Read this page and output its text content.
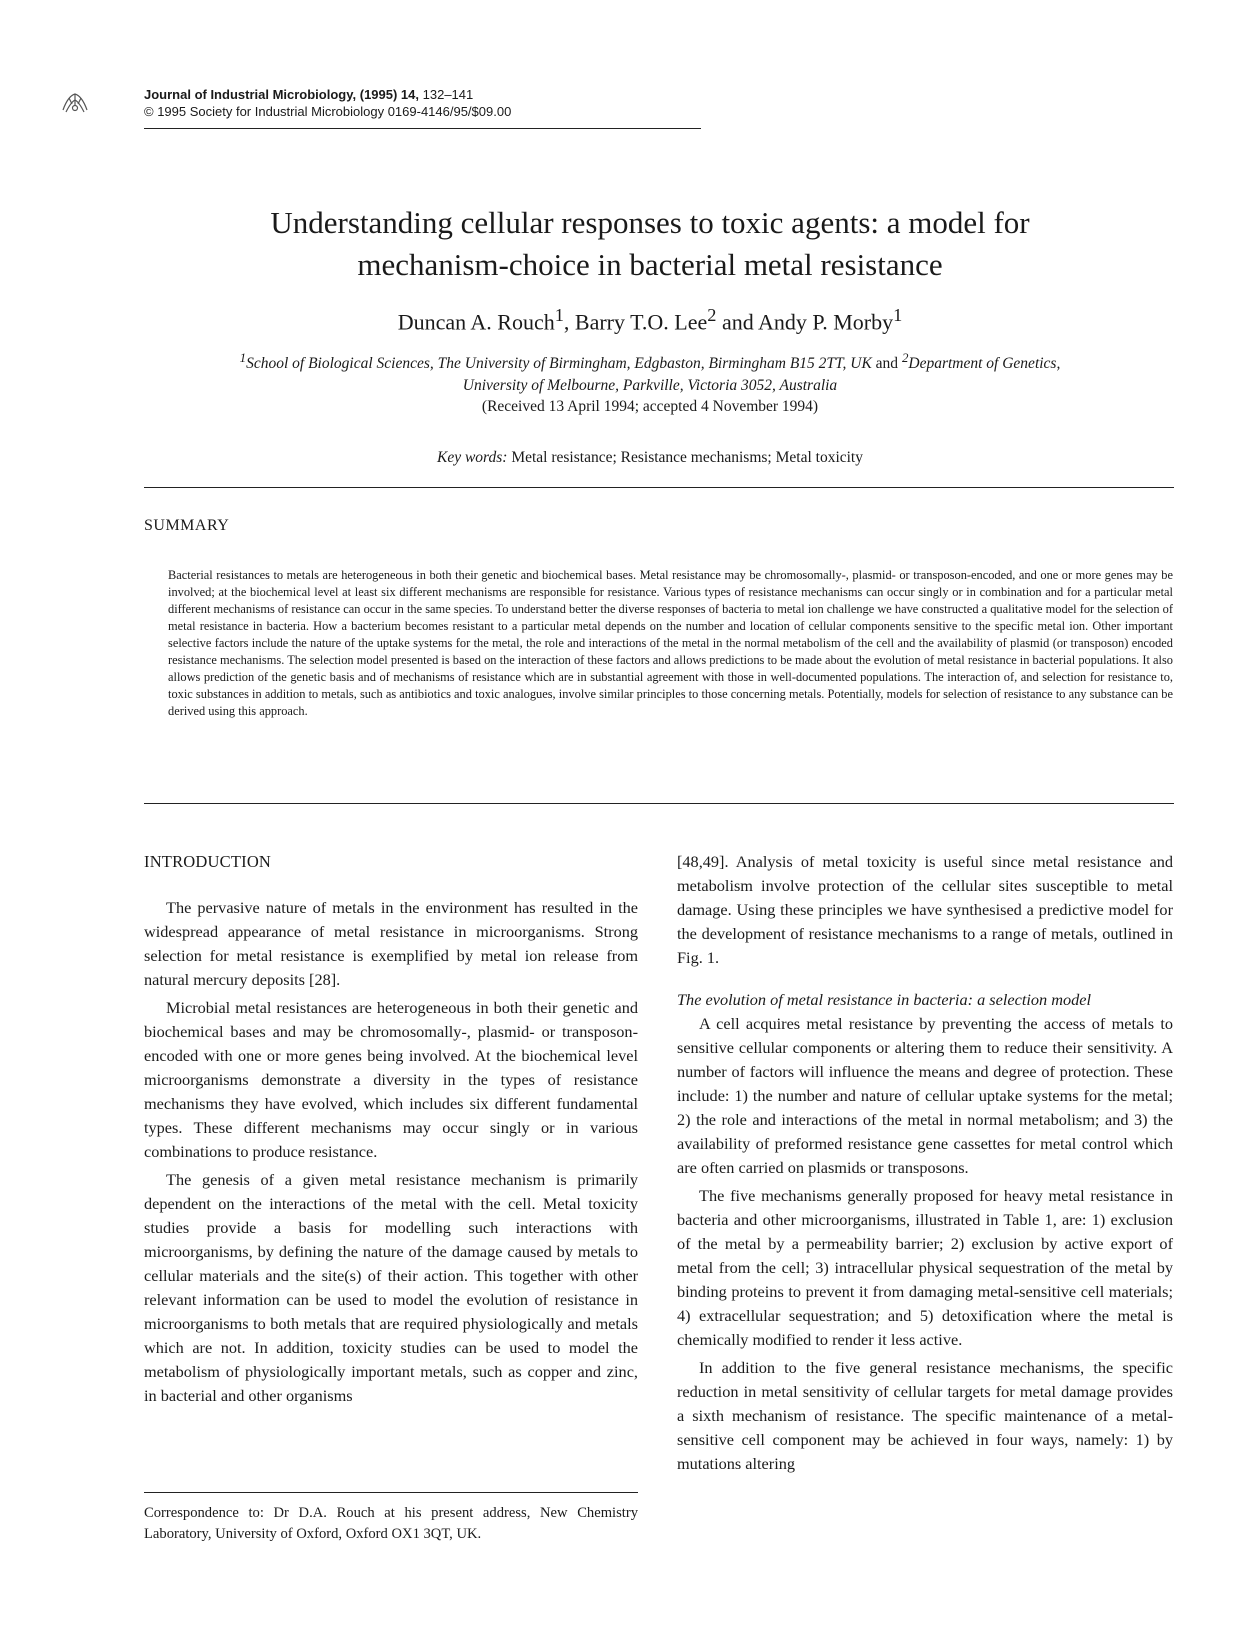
Journal of Industrial Microbiology, (1995) 14, 132–141
© 1995 Society for Industrial Microbiology 0169-4146/95/$09.00
Understanding cellular responses to toxic agents: a model for
mechanism-choice in bacterial metal resistance
Duncan A. Rouch$^1$, Barry T.O. Lee$^2$ and Andy P. Morby$^1$
$^1$School of Biological Sciences, The University of Birmingham, Edgbaston, Birmingham B15 2TT, UK and $^2$Department of Genetics,
University of Melbourne, Parkville, Victoria 3052, Australia
(Received 13 April 1994; accepted 4 November 1994)
Key words: Metal resistance; Resistance mechanisms; Metal toxicity
SUMMARY
Bacterial resistances to metals are heterogeneous in both their genetic and biochemical bases. Metal resistance may be chromosomally-, plasmid- or transposon-encoded, and one or more genes may be involved; at the biochemical level at least six different mechanisms are responsible for resistance. Various types of resistance mechanisms can occur singly or in combination and for a particular metal different mechanisms of resistance can occur in the same species. To understand better the diverse responses of bacteria to metal ion challenge we have constructed a qualitative model for the selection of metal resistance in bacteria. How a bacterium becomes resistant to a particular metal depends on the number and location of cellular components sensitive to the specific metal ion. Other important selective factors include the nature of the uptake systems for the metal, the role and interactions of the metal in the normal metabolism of the cell and the availability of plasmid (or transposon) encoded resistance mechanisms. The selection model presented is based on the interaction of these factors and allows predictions to be made about the evolution of metal resistance in bacterial populations. It also allows prediction of the genetic basis and of mechanisms of resistance which are in substantial agreement with those in well-documented populations. The interaction of, and selection for resistance to, toxic substances in addition to metals, such as antibiotics and toxic analogues, involve similar principles to those concerning metals. Potentially, models for selection of resistance to any substance can be derived using this approach.

INTRODUCTION

The pervasive nature of metals in the environment has resulted in the widespread appearance of metal resistance in microorganisms. Strong selection for metal resistance is exemplified by metal ion release from natural mercury deposits [28].

Microbial metal resistances are heterogeneous in both their genetic and biochemical bases and may be chromosomally-, plasmid- or transposon-encoded with one or more genes being involved. At the biochemical level microorganisms demonstrate a diversity in the types of resistance mechanisms they have evolved, which includes six different fundamental types. These different mechanisms may occur singly or in various combinations to produce resistance.

The genesis of a given metal resistance mechanism is primarily dependent on the interactions of the metal with the cell. Metal toxicity studies provide a basis for modelling such interactions with microorganisms, by defining the nature of the damage caused by metals to cellular materials and the site(s) of their action. This together with other relevant information can be used to model the evolution of resistance in microorganisms to both metals that are required physiologically and metals which are not. In addition, toxicity studies can be used to model the metabolism of physiologically important metals, such as copper and zinc, in bacterial and other organisms

[48,49]. Analysis of metal toxicity is useful since metal resistance and metabolism involve protection of the cellular sites susceptible to metal damage. Using these principles we have synthesised a predictive model for the development of resistance mechanisms to a range of metals, outlined in Fig. 1.

The evolution of metal resistance in bacteria: a selection model

A cell acquires metal resistance by preventing the access of metals to sensitive cellular components or altering them to reduce their sensitivity. A number of factors will influence the means and degree of protection. These include: 1) the number and nature of cellular uptake systems for the metal; 2) the role and interactions of the metal in normal metabolism; and 3) the availability of preformed resistance gene cassettes for metal control which are often carried on plasmids or transposons.

The five mechanisms generally proposed for heavy metal resistance in bacteria and other microorganisms, illustrated in Table 1, are: 1) exclusion of the metal by a permeability barrier; 2) exclusion by active export of metal from the cell; 3) intracellular physical sequestration of the metal by binding proteins to prevent it from damaging metal-sensitive cell materials; 4) extracellular sequestration; and 5) detoxification where the metal is chemically modified to render it less active.

In addition to the five general resistance mechanisms, the specific reduction in metal sensitivity of cellular targets for metal damage provides a sixth mechanism of resistance. The specific maintenance of a metal-sensitive cell component may be achieved in four ways, namely: 1) by mutations altering

Correspondence to: Dr D.A. Rouch at his present address, New Chemistry Laboratory, University of Oxford, Oxford OX1 3QT, UK.
